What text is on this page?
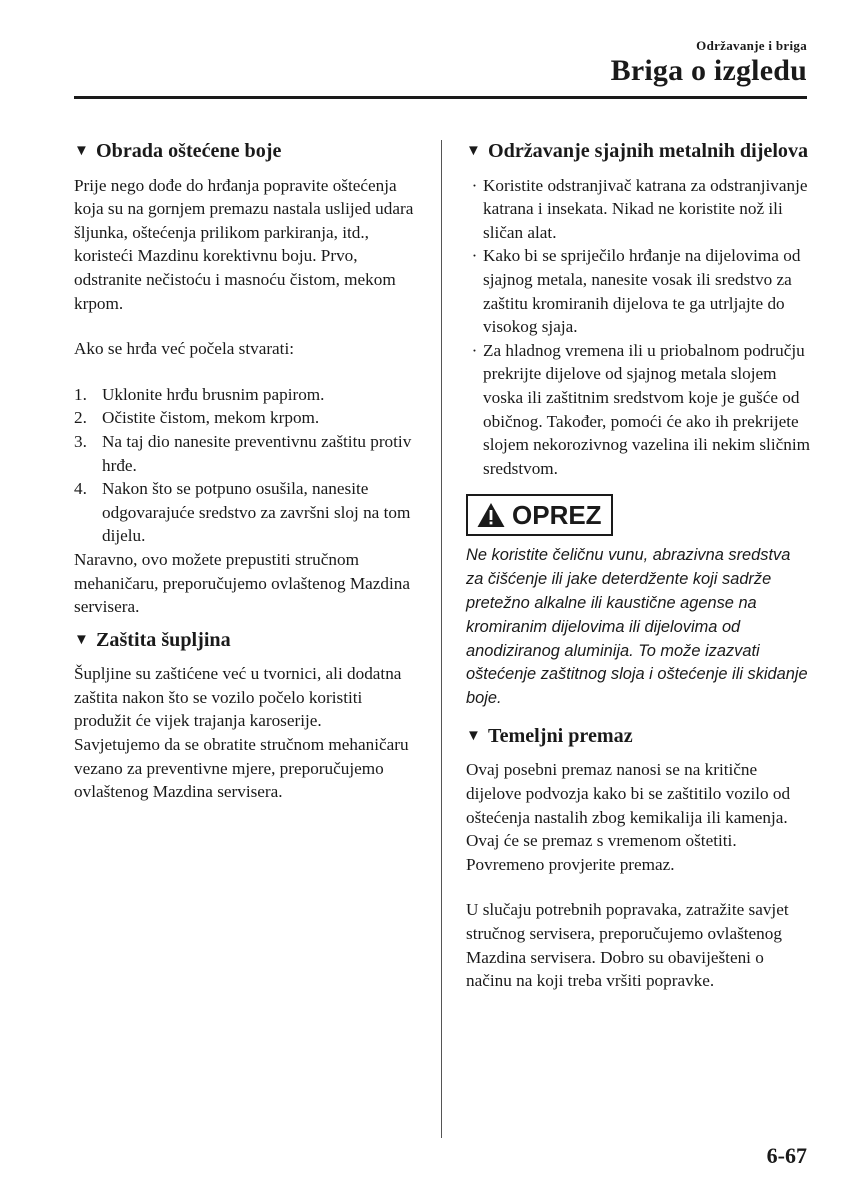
Održavanje i briga
Briga o izgledu
▼ Obrada oštećene boje

Prije nego dođe do hrđanja popravite oštećenja koja su na gornjem premazu nastala uslijed udara šljunka, oštećenja prilikom parkiranja, itd., koristeći Mazdinu korektivnu boju. Prvo, odstranite nečistoću i masnoću čistom, mekom krpom.

Ako se hrđa već počela stvarati:

1. Uklonite hrđu brusnim papirom.
2. Očistite čistom, mekom krpom.
3. Na taj dio nanesite preventivnu zaštitu protiv hrđe.
4. Nakon što se potpuno osušila, nanesite odgovarajuće sredstvo za završni sloj na tom dijelu.

Naravno, ovo možete prepustiti stručnom mehaničaru, preporučujemo ovlaštenog Mazdina servisera.

▼ Zaštita šupljina

Šupljine su zaštićene već u tvornici, ali dodatna zaštita nakon što se vozilo počelo koristiti produžit će vijek trajanja karoserije.

Savjetujemo da se obratite stručnom mehaničaru vezano za preventivne mjere, preporučujemo ovlaštenog Mazdina servisera.

▼ Održavanje sjajnih metalnih dijelova
· Koristite odstranjivač katrana za odstranjivanje katrana i insekata. Nikad ne koristite nož ili sličan alat.
· Kako bi se spriječilo hrđanje na dijelovima od sjajnog metala, nanesite vosak ili sredstvo za zaštitu kromiranih dijelova te ga utrljajte do visokog sjaja.
· Za hladnog vremena ili u priobalnom području prekrijte dijelove od sjajnog metala slojem voska ili zaštitnim sredstvom koje je gušće od običnog. Također, pomoći će ako ih prekrijete slojem nekorozivnog vazelina ili nekim sličnim sredstvom.
OPREZ

Ne koristite čeličnu vunu, abrazivna sredstva za čišćenje ili jake deterdžente koji sadrže pretežno alkalne ili kaustične agense na kromiranim dijelovima ili dijelovima od anodiziranog aluminija. To može izazvati oštećenje zaštitnog sloja i oštećenje ili skidanje boje.

▼ Temeljni premaz

Ovaj posebni premaz nanosi se na kritične dijelove podvozja kako bi se zaštitilo vozilo od oštećenja nastalih zbog kemikalija ili kamenja. Ovaj će se premaz s vremenom oštetiti. Povremeno provjerite premaz.

U slučaju potrebnih popravaka, zatražite savjet stručnog servisera, preporučujemo ovlaštenog Mazdina servisera. Dobro su obaviješteni o načinu na koji treba vršiti popravke.

6-67
